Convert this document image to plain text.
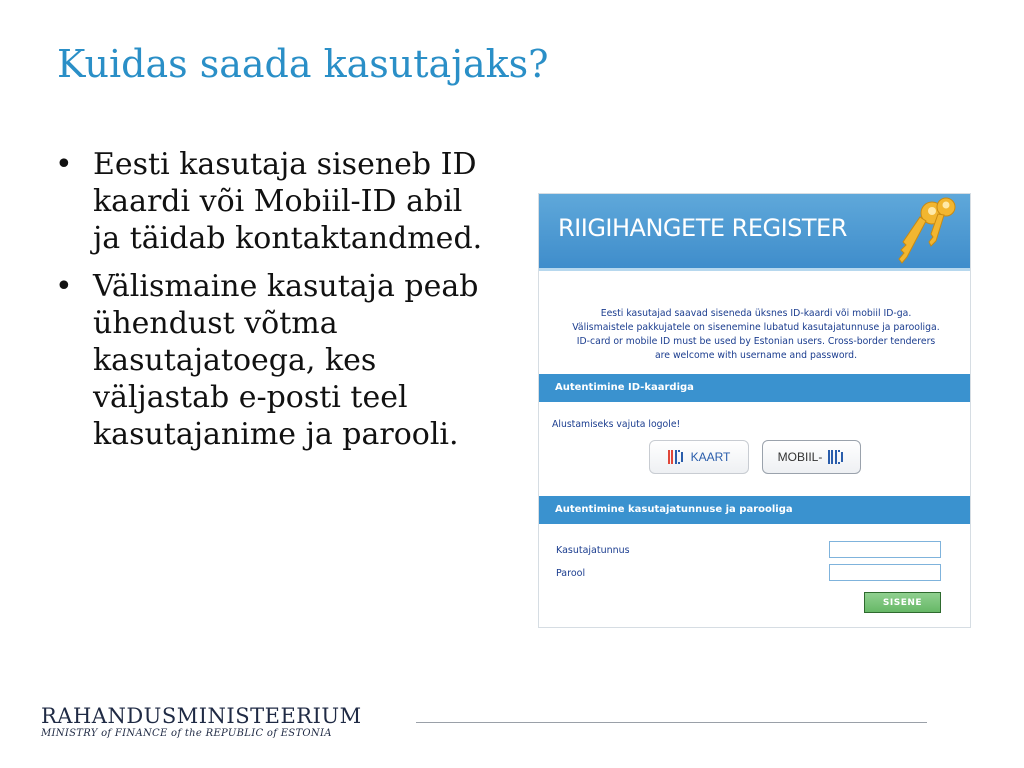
Kuidas saada kasutajaks?
• Eesti kasutaja siseneb ID kaardi või Mobiil-ID abil ja täidab kontaktandmed.
• Välismaine kasutaja peab ühendust võtma kasutajatoega, kes väljastab e-posti teel kasutajanime ja parooli.
RIIGIHANGETE REGISTER
Eesti kasutajad saavad siseneda üksnes ID-kaardi või mobiil ID-ga.
Välismaistele pakkujatele on sisenemine lubatud kasutajatunnuse ja parooliga.
ID-card or mobile ID must be used by Estonian users. Cross-border tenderers
are welcome with username and password.
Autentimine ID-kaardiga
Alustamiseks vajuta logole!
KAART	MOBIIL-
Autentimine kasutajatunnuse ja parooliga
Kasutajatunnus
Parool
SISENE
RAHANDUSMINISTEERIUM
MINISTRY of FINANCE of the REPUBLIC of ESTONIA
